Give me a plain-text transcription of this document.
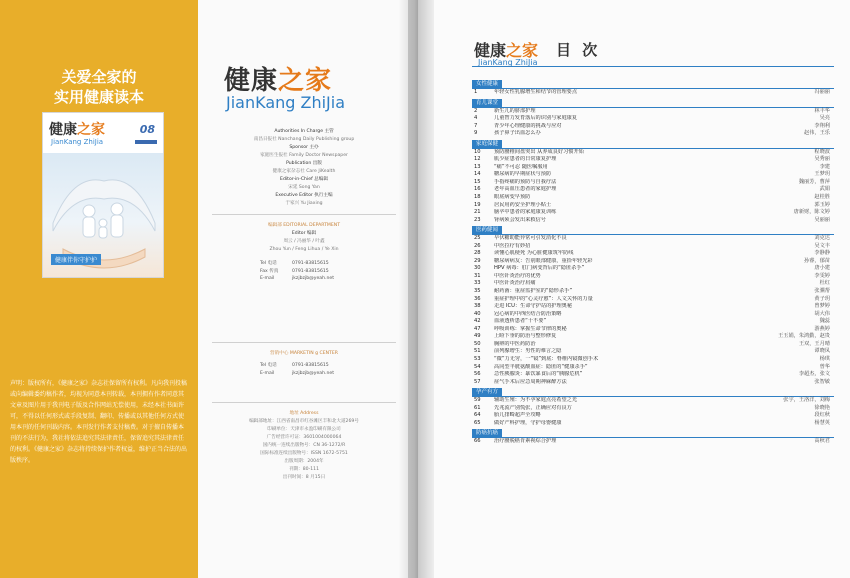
关爱全家的
实用健康读本
健康之家
JianKang ZhiJia
08
健康伴你守护护
声明：版权所有，《健康之家》杂志社保留所有权利。凡向我刊投稿或向编辑委约稿作者，均视为同意本刊转载，本刊拥有作者同意其文章及图片用于我刊电子版及合作网站无偿使用，未经本社书面许可，不得以任何形式或手段复制、翻印、传播或以其他任何方式使用本刊的任何刊载内容。本刊发行作者支付稿费。对于擅自传播本刊的不法行为，我社将依法追究其法律责任，保留追究其法律责任的权利。《健康之家》杂志将持续保护作者权益，维护正当合法的出版秩序。
健康之家
JianKang ZhiJia
Authorities In Charge 主管
南昌日报社 Nanchang Daily Publishing group
Sponsor 主办
家庭医生报社 Family Doctor Newspaper
Publication 出版
健康之家杂志社 Care JiKealth
Editor-in-Chief 总编辑
宋延 Song Yan
Executive Editor 执行主编
于家兴 Yu Jiaxing
编辑部 EDITORIAL DEPARTMENT
Editor 编辑
周云 / 冯丽华 / 叶鑫
Zhou Yun / Feng Lihua / Ye Xin
Tel 电话	0791-83815615
Fax 传真	0791-83815615
E-mail	jkzjbzjb@yeah.net
营销中心 MARKETIN g CENTER
Tel 电话	0791-83815615
E-mail	jkzjbzjb@yeah.net
地址 Address
编辑部地址：江西省南昌市红谷滩区丰和北大道269号
印刷单位：天津市永盈印刷有限公司
广告经营许可证：3601004000064
国内统一连续出版物号：CN 36-1272/R
国际标准连续出版物号：ISSN 1672-5751
出版周期：2004年
刊期：80-111
出刊时间：8 月15日
健康之家
JianKang ZhiJia
目 次
女性健康
1	年轻女性乳腺增生和结节的管理要点	冯丽丽
育儿课堂
2	新生儿的脐部护理	林丰华
4	儿童智力发育落后的识别与家庭康复	吴亮
7	青少年心理健康的挑战与应对	李翔利
9	孩子鼻子出血怎么办	赵伟，王乐
家庭保健
10	预防腰椎间盘突出 从养成良好习惯开始	程晓波
12	肌少症患者的日常康复护理	吴秀丽
13	“痛”不可忍 随医嘱服用	李建
14	糖尿病的早期症状与预防	王梦玥
15	手指疼痛的预防与自我疗法	魏丽芳，曹萍
16	老年高血压患者的家庭护理	武娟
18	眼底病变早预防	赵桂胜
19	居民用药安全护理小贴士	郭玉婷
21	脑卒中患者的家庭康复训练	唐新财，陈文婷
23	肾病须会发出来救信号	吴丽丽
医药健闻
25	早伏糖助能异常可引发消化不良	刘克达
26	中医拉疗有妙招	吴文丰
28	读懂心肌梗死 为心脏健康筑牢防线	李静静
29	糖尿病病友：告别眼部健康，重拾年轻光彩	孙睿，郁苗
30	HPV 病毒：肛门病变背后的“隐匿杀手”	唐小建
31	中医针灸治疗的优势	李雯婷
33	中医针灸治疗肩痛	杜红
35	耐药菌：重症监护室的“隐形杀手”	张骥帮
36	重症护理中的“心灵疗愈”：人文关怀的力量	黄子玥
38	走进 ICU：生命守护站的护理奥秘	曾梦婷
40	冠心病的中西医结合防治策略	胡大伟
42	血液透析患者“十不要”	魏蕊
47	呼吸训练：掌握生命节律的奥秘	游燕婷
49	上睑下垂的防治与整形修复	王玉娟，朱鸿勤，赵贵
50	胸痹的中医药防治	王双，王月晴
51	前列腺增生：男性的难言之隐	谭晓凤
53	“微”力无穷，一“镜”到底：脊椎内镜微创手术	杨琪
54	高同型半胱氨酸血症：隐匿的“健康杀手”	曾华
56	急性胰腺炎：暴饮暴食后的“胰腺危机”	李超杰，张文
57	症气手术后应急周期神麻醉方法	张智敏
孕产有方
59	辅助生殖：为不孕家庭点亮希望之光	张宇，王洛洋，刘梅
61	先兆流产别慌张，正确应对有良方	徐晓艳
64	胎儿排畸超声全攻略	段红秋
65	做好产科护理，守护母婴健康	杨慧英
防癌抗癌
66	治疗腰脱癌肯素视综合护理	高秋君
